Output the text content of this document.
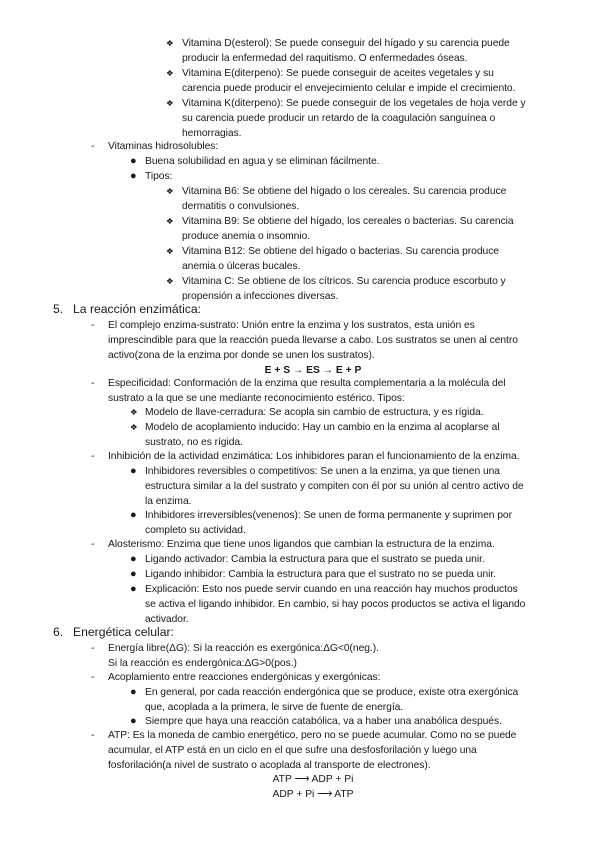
❖ Vitamina D(esterol): Se puede conseguir del hígado y su carencia puede
producir la enfermedad del raquitismo. O enfermedades óseas.
❖ Vitamina E(diterpeno): Se puede conseguir de aceites vegetales y su
carencia puede producir el envejecimiento celular e impide el crecimiento.
❖ Vitamina K(diterpeno): Se puede conseguir de los vegetales de hoja verde y
su carencia puede producir un retardo de la coagulación sanguínea o
hemorragias.
- Vitaminas hidrosolubles:
● Buena solubilidad en agua y se eliminan fácilmente.
● Tipos:
❖ Vitamina B6: Se obtiene del hígado o los cereales. Su carencia produce
dermatitis o convulsiones.
❖ Vitamina B9: Se obtiene del hígado, los cereales o bacterias. Su carencia
produce anemia o insomnio.
❖ Vitamina B12: Se obtiene del hígado o bacterias. Su carencia produce
anemia o úlceras bucales.
❖ Vitamina C: Se obtiene de los cítricos. Su carencia produce escorbuto y
propensión a infecciones diversas.
5. La reacción enzimática:
- El complejo enzima-sustrato: Unión entre la enzima y los sustratos, esta unión es
imprescindible para que la reacción pueda llevarse a cabo. Los sustratos se unen al centro
activo(zona de la enzima por donde se unen los sustratos).
E + S → ES → E + P
- Especificidad: Conformación de la enzima que resulta complementaria a la molécula del
sustrato a la que se une mediante reconocimiento estérico. Tipos:
❖ Modelo de llave-cerradura: Se acopla sin cambio de estructura, y es rígida.
❖ Modelo de acoplamiento inducido: Hay un cambio en la enzima al acoplarse al
sustrato, no es rígida.
- Inhibición de la actividad enzimática: Los inhibidores paran el funcionamiento de la enzima.
● Inhibidores reversibles o competitivos: Se unen a la enzima, ya que tienen una
estructura similar a la del sustrato y compiten con él por su unión al centro activo de
la enzima.
● Inhibidores irreversibles(venenos): Se unen de forma permanente y suprimen por
completo su actividad.
- Alosterismo: Enzima que tiene unos ligandos que cambian la estructura de la enzima.
● Ligando activador: Cambia la estructura para que el sustrato se pueda unir.
● Ligando inhibidor: Cambia la estructura para que el sustrato no se pueda unir.
● Explicación: Esto nos puede servir cuando en una reacción hay muchos productos
se activa el ligando inhibidor. En cambio, si hay pocos productos se activa el ligando
activador.
6. Energética celular:
- Energía libre(ΔG): Si la reacción es exergónica:ΔG<0(neg.).
Si la reacción es endergónica:ΔG>0(pos.)
- Acoplamiento entre reacciones endergónicas y exergónicas:
● En general, por cada reacción endergónica que se produce, existe otra exergónica
que, acoplada a la primera, le sirve de fuente de energía.
● Siempre que haya una reacción catabólica, va a haber una anabólica después.
- ATP: Es la moneda de cambio energético, pero no se puede acumular. Como no se puede
acumular, el ATP está en un ciclo en el que sufre una desfosforilación y luego una
fosforilación(a nivel de sustrato o acoplada al transporte de electrones).
ATP ⟶ ADP + Pi
ADP + Pi ⟶ ATP
